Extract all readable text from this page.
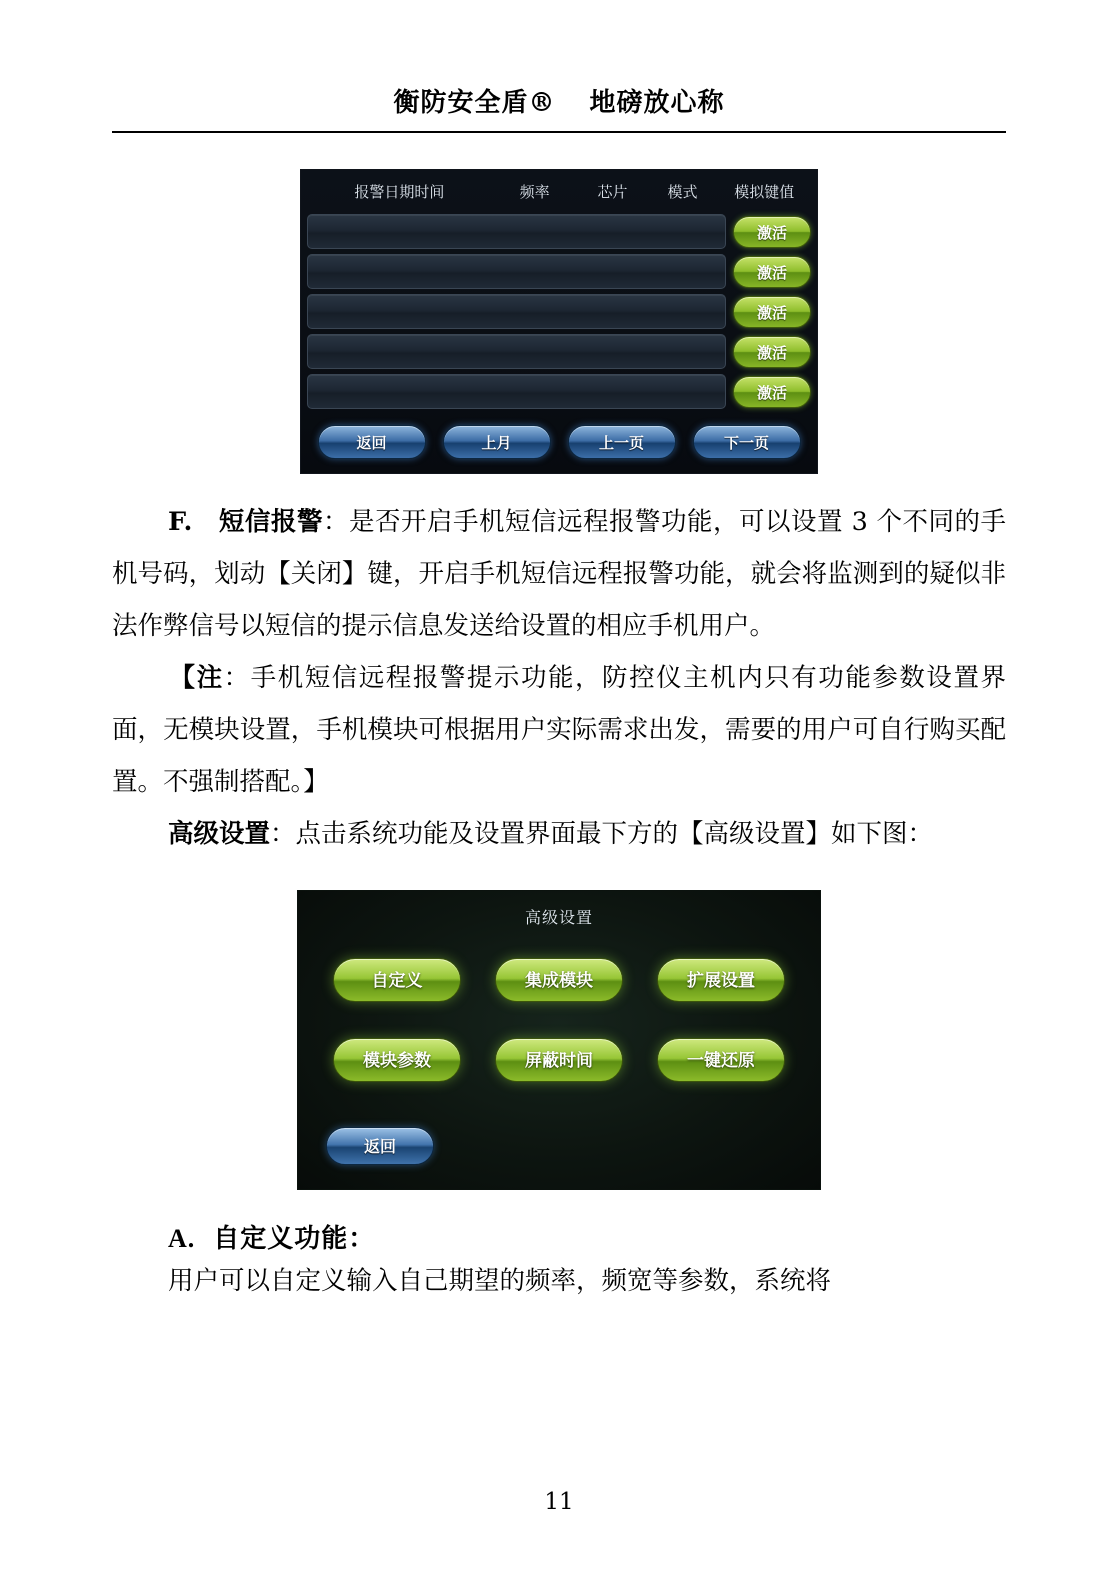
衡防安全盾® 地磅放心称
报警日期时间	频率	芯片	模式	模拟键值
激活
激活
激活
激活
激活
返回	上月	上一页	下一页

F.　短信报警：是否开启手机短信远程报警功能，可以设置 3 个不同的手机号码，划动【关闭】键，开启手机短信远程报警功能，就会将监测到的疑似非法作弊信号以短信的提示信息发送给设置的相应手机用户。

【注：手机短信远程报警提示功能，防控仪主机内只有功能参数设置界面，无模块设置，手机模块可根据用户实际需求出发，需要的用户可自行购买配置。不强制搭配。】

高级设置：点击系统功能及设置界面最下方的【高级设置】如下图：

高级设置
自定义	集成模块	扩展设置
模块参数	屏蔽时间	一键还原
返回

A. 自定义功能：

用户可以自定义输入自己期望的频率，频宽等参数，系统将

11
